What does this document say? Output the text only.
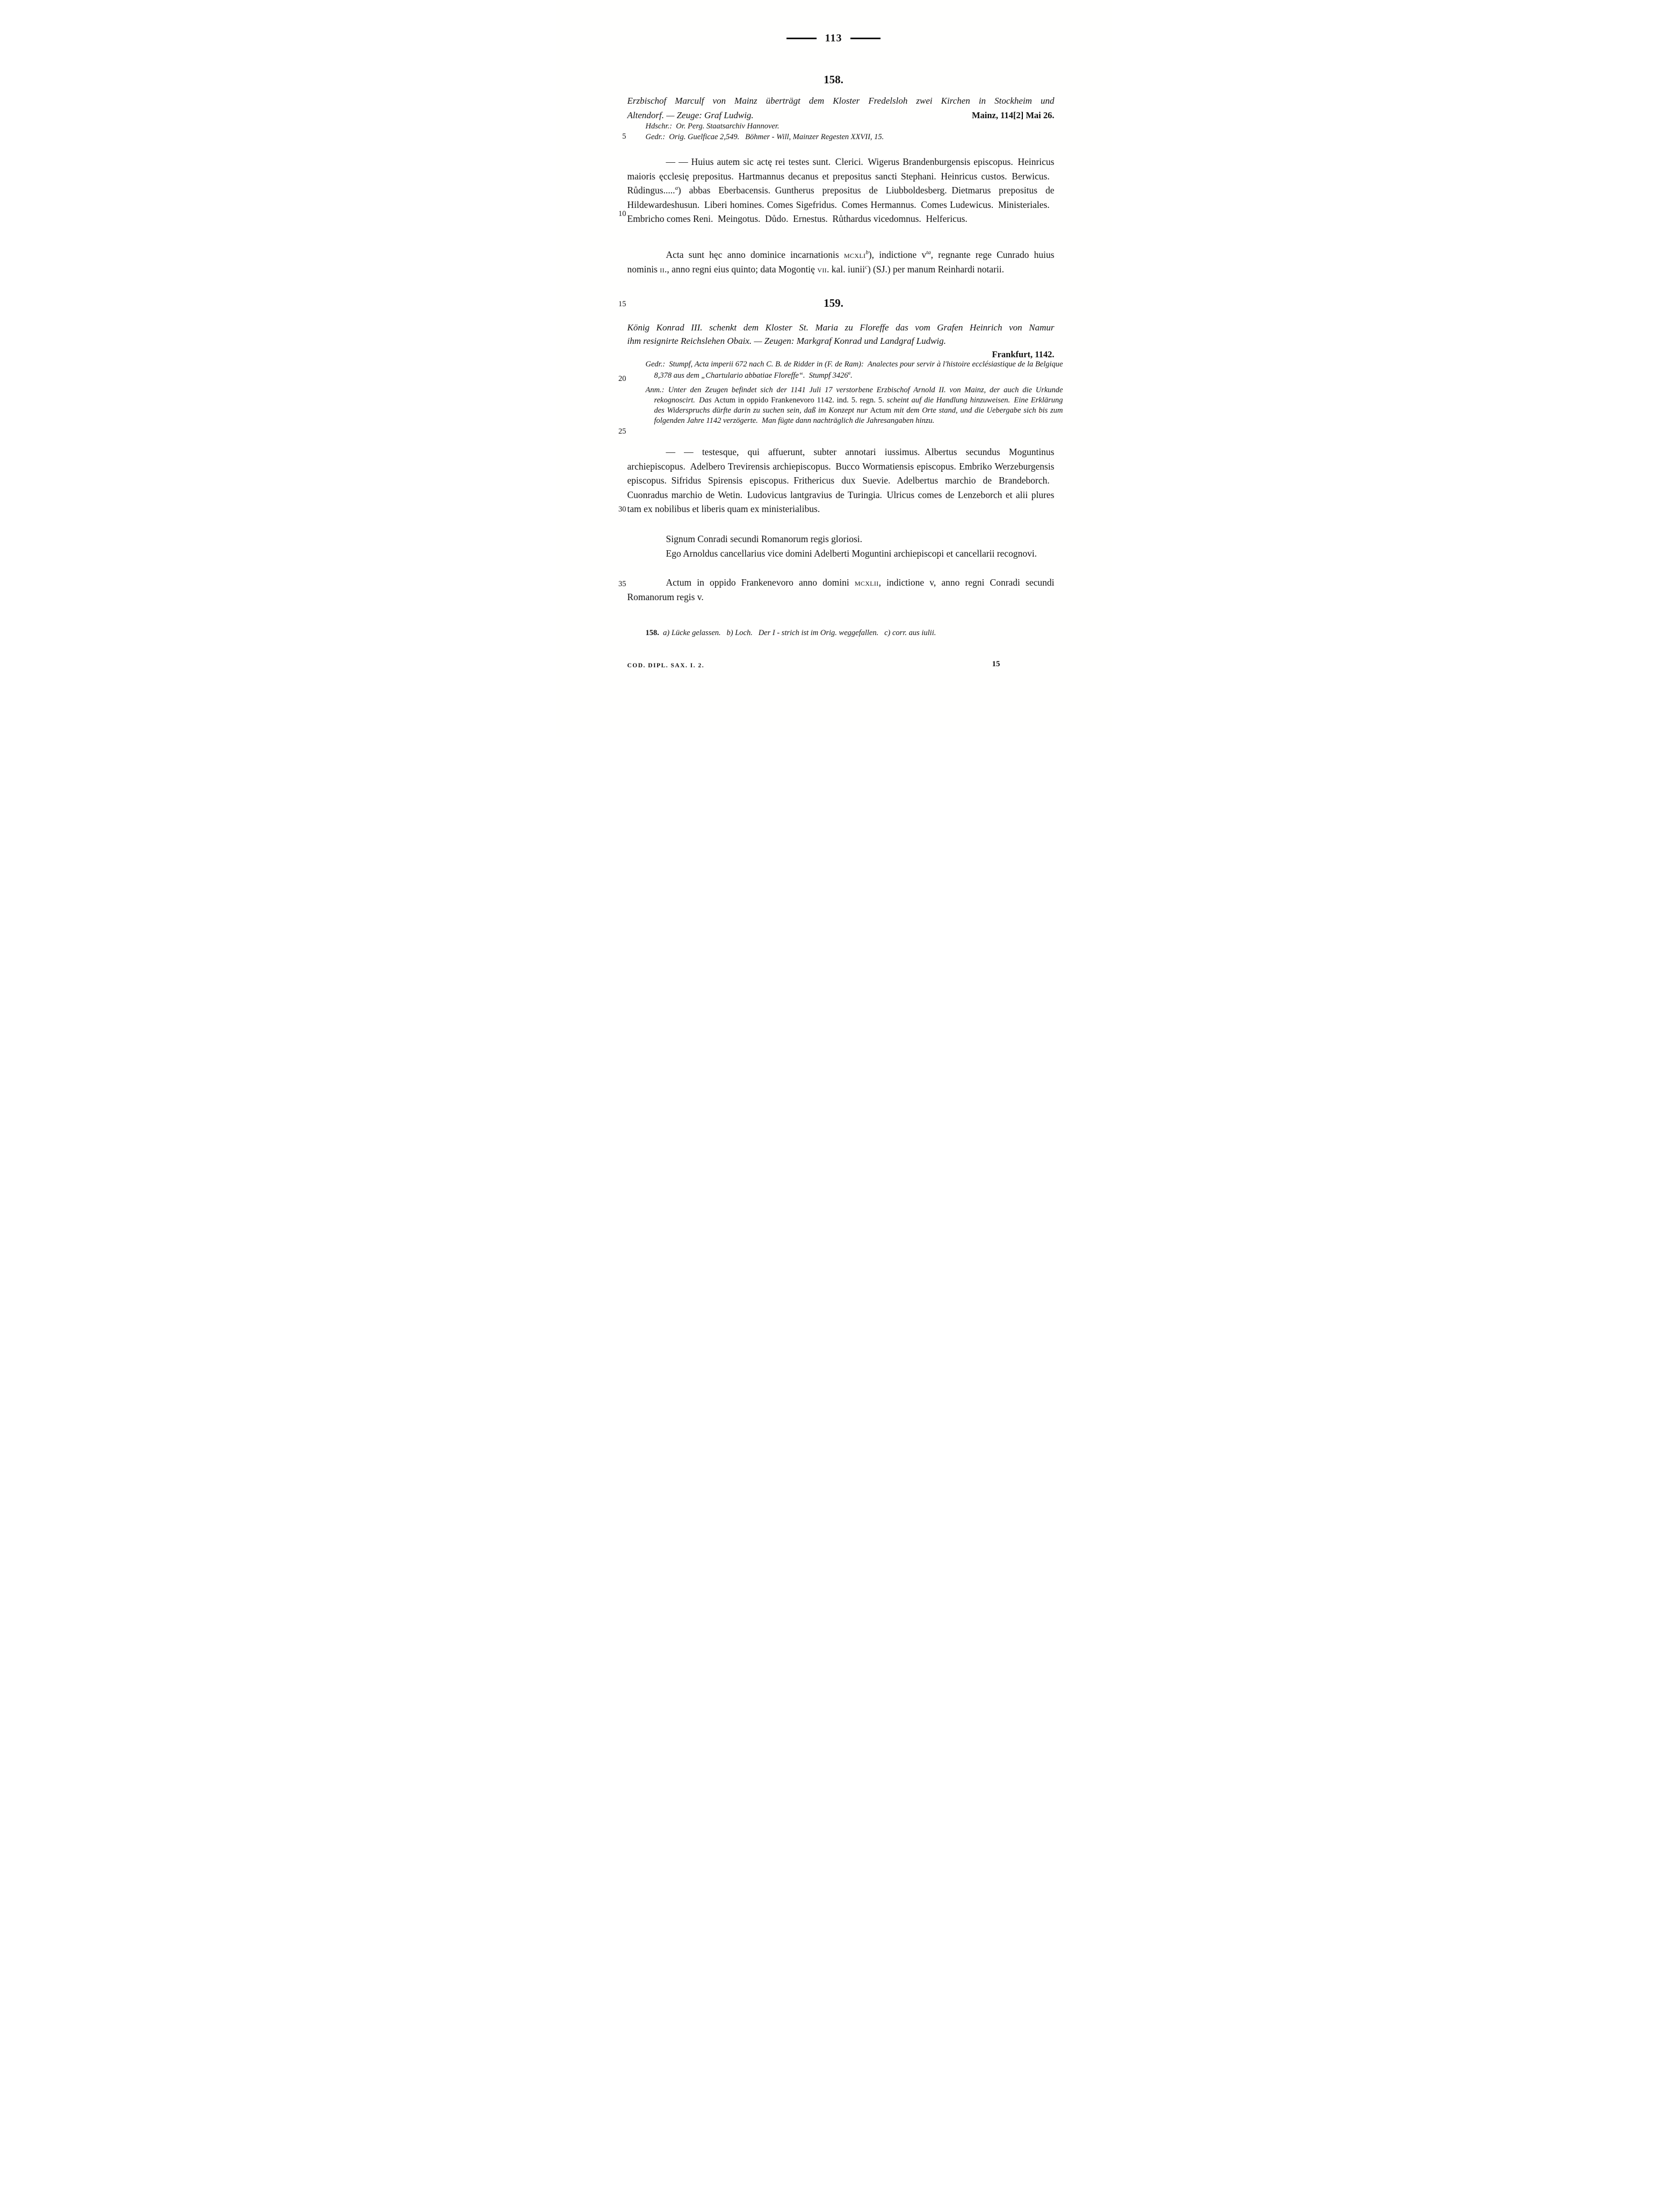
113
5
10
15
20
25
30
35
158.
Erzbischof Marculf von Mainz überträgt dem Kloster Fredelsloh zwei Kirchen in Stockheim und
Altendorf. — Zeuge: Graf Ludwig.	Mainz, 114[2] Mai 26.
Hdschr.: Or. Perg. Staatsarchiv Hannover.
Gedr.: Orig. Guelficae 2,549.  Böhmer - Will, Mainzer Regesten XXVII, 15.
— — Huius autem sic actę rei testes sunt. Clerici. Wigerus Brandenburgensis episcopus. Heinricus maioris ęcclesię prepositus. Hartmannus decanus et prepositus sancti Stephani. Heinricus custos. Berwicus. Růdingus.....$^a$) abbas Eberbacensis. Guntherus prepositus de Liubboldesberg. Dietmarus prepositus de Hildewardeshusun. Liberi homines. Comes Sigefridus. Comes Hermannus. Comes Ludewicus. Ministeriales. Embricho comes Reni. Meingotus. Důdo. Ernestus. Růthardus vicedomnus. Helfericus.
Acta sunt hęc anno dominice incarnationis mcxli$^b$), indictione $v^{ta}$, regnante rege Cunrado huius nominis ii., anno regni eius quinto; data Mogontię vii. kal. iunii$^c$) (SJ.) per manum Reinhardi notarii.
159.
König Konrad III. schenkt dem Kloster St. Maria zu Floreffe das vom Grafen Heinrich von Namur
ihm resignirte Reichslehen Obaix. — Zeugen: Markgraf Konrad und Landgraf Ludwig.
Frankfurt, 1142.
Gedr.: Stumpf, Acta imperii 672 nach C. B. de Ridder in (F. de Ram): Analectes pour servir à l'histoire ecclésiastique de la Belgique 8,378 aus dem „Chartulario abbatiae Floreffe“. Stumpf 3426$^a$.
Anm.: Unter den Zeugen befindet sich der 1141 Juli 17 verstorbene Erzbischof Arnold II. von Mainz, der auch die Urkunde rekognoscirt. Das Actum in oppido Frankenevoro 1142. ind. 5. regn. 5. scheint auf die Handlung hinzuweisen. Eine Erklärung des Widerspruchs dürfte darin zu suchen sein, daß im Konzept nur Actum mit dem Orte stand, und die Uebergabe sich bis zum folgenden Jahre 1142 verzögerte. Man fügte dann nachträglich die Jahresangaben hinzu.
— — testesque, qui affuerunt, subter annotari iussimus. Albertus secundus Moguntinus archiepiscopus. Adelbero Trevirensis archiepiscopus. Bucco Wormatiensis episcopus. Embriko Werzeburgensis episcopus. Sifridus Spirensis episcopus. Frithericus dux Suevie. Adelbertus marchio de Brandeborch. Cuonradus marchio de Wetin. Ludovicus lantgravius de Turingia. Ulricus comes de Lenzeborch et alii plures tam ex nobilibus et liberis quam ex ministerialibus.
Signum Conradi secundi Romanorum regis gloriosi.
Ego Arnoldus cancellarius vice domini Adelberti Moguntini archiepiscopi et cancellarii recognovi.
Actum in oppido Frankenevoro anno domini mcxlii, indictione v, anno regni Conradi secundi Romanorum regis v.
158. a) Lücke gelassen.  b) Loch.  Der I - strich ist im Orig. weggefallen.  c) corr. aus iulii.
COD. DIPL. SAX. I. 2.	15
